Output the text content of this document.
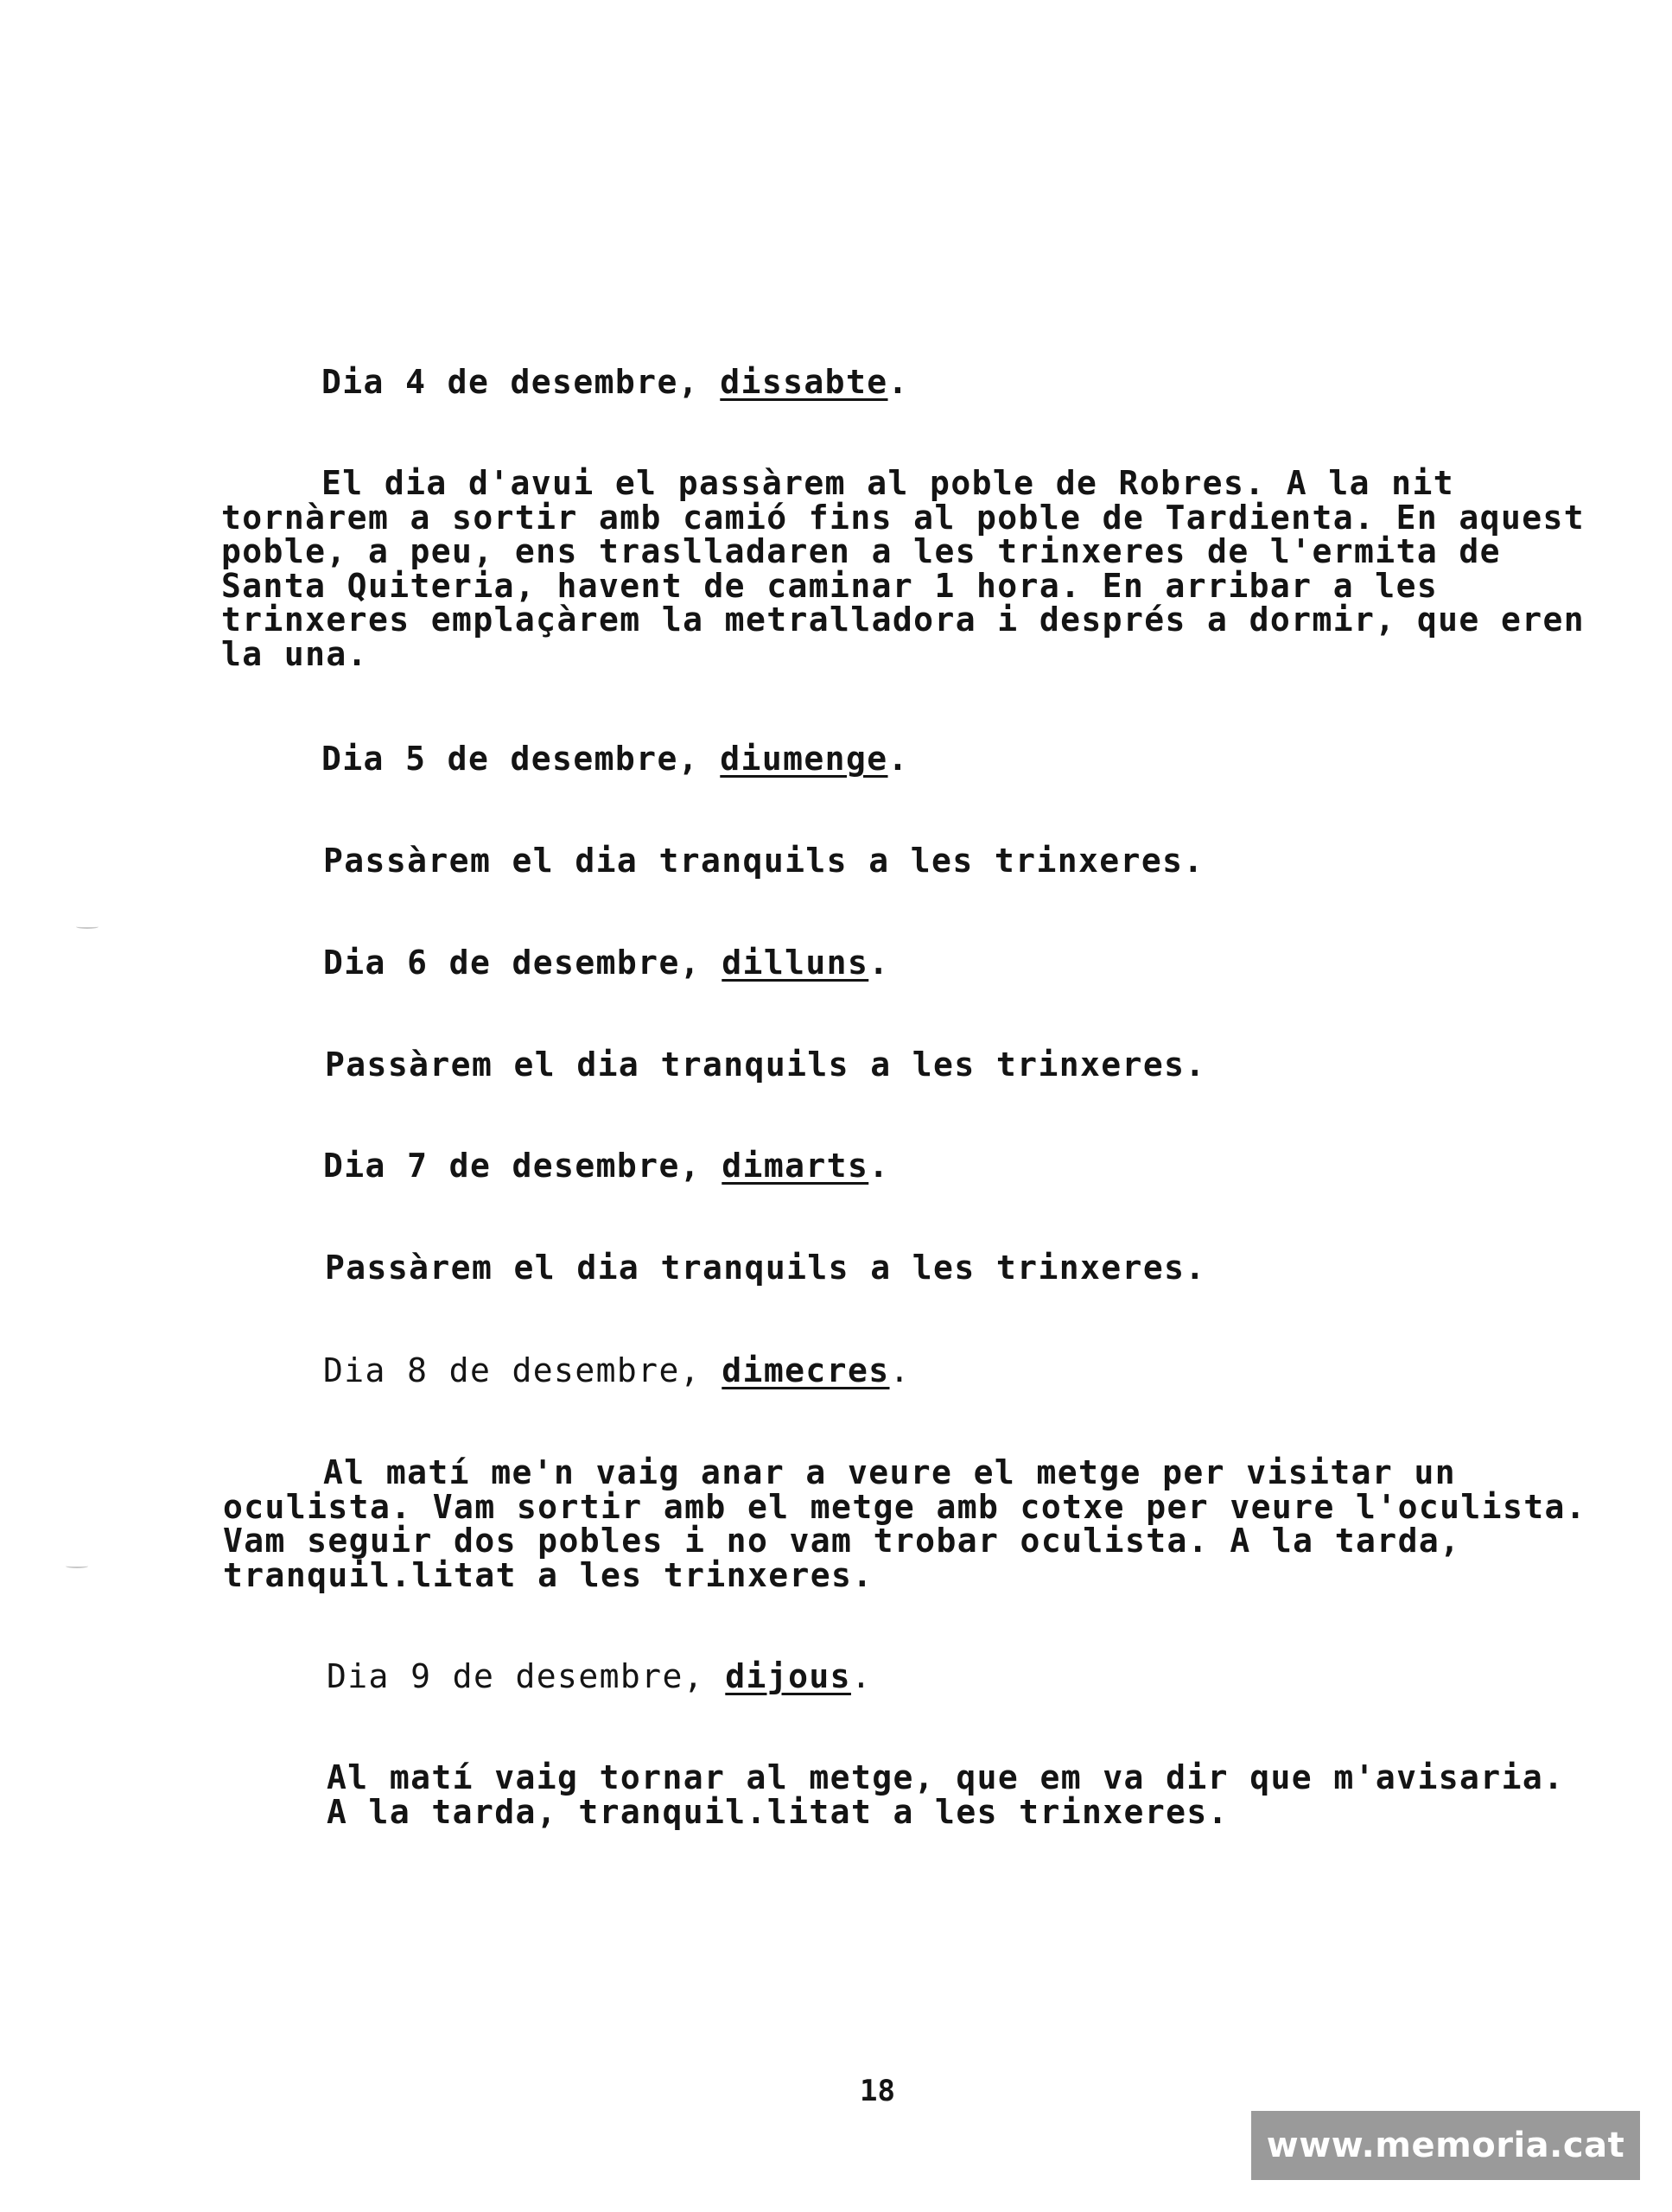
Dia 4 de desembre, dissabte.
El dia d'avui el passàrem al poble de Robres. A la nit
tornàrem a sortir amb camió fins al poble de Tardienta. En aquest
poble, a peu, ens traslladaren a les trinxeres de l'ermita de
Santa Quiteria, havent de caminar 1 hora. En arribar a les
trinxeres emplaçàrem la metralladora i després a dormir, que eren
la una.
Dia 5 de desembre, diumenge.
Passàrem el dia tranquils a les trinxeres.
Dia 6 de desembre, dilluns.
Passàrem el dia tranquils a les trinxeres.
Dia 7 de desembre, dimarts.
Passàrem el dia tranquils a les trinxeres.
Dia 8 de desembre, dimecres.
Al matí me'n vaig anar a veure el metge per visitar un
oculista. Vam sortir amb el metge amb cotxe per veure l'oculista.
Vam seguir dos pobles i no vam trobar oculista. A la tarda,
tranquil.litat a les trinxeres.
Dia 9 de desembre, dijous.
Al matí vaig tornar al metge, que em va dir que m'avisaria.
A la tarda, tranquil.litat a les trinxeres.
18
www.memoria.cat
